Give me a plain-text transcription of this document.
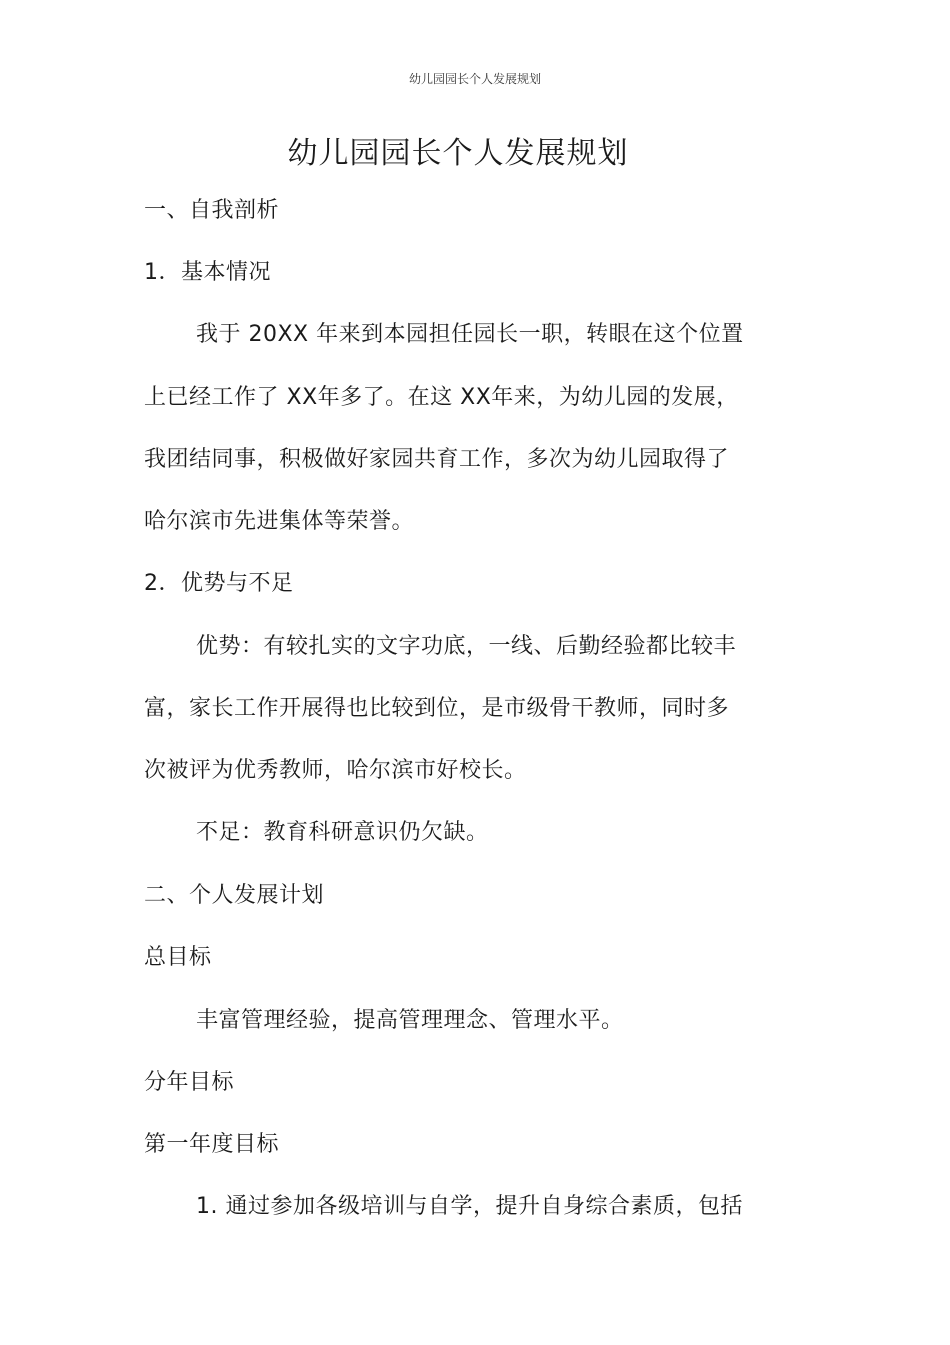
幼儿园园长个人发展规划
幼儿园园长个人发展规划
一、自我剖析
1．基本情况
我于 20XX 年来到本园担任园长一职，转眼在这个位置
上已经工作了 XX年多了。在这 XX年来，为幼儿园的发展，
我团结同事，积极做好家园共育工作，多次为幼儿园取得了
哈尔滨市先进集体等荣誉。
2．优势与不足
优势：有较扎实的文字功底，一线、后勤经验都比较丰
富，家长工作开展得也比较到位，是市级骨干教师，同时多
次被评为优秀教师，哈尔滨市好校长。
不足：教育科研意识仍欠缺。
二、个人发展计划
总目标
丰富管理经验，提高管理理念、管理水平。
分年目标
第一年度目标
1. 通过参加各级培训与自学，提升自身综合素质，包括
